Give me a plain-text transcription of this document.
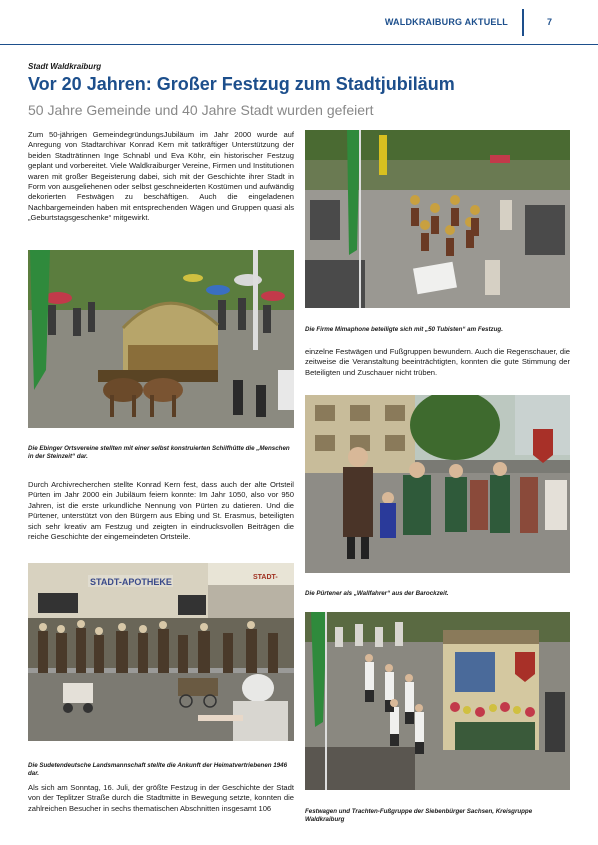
WALDKRAIBURG AKTUELL	7
Stadt Waldkraiburg
Vor 20 Jahren: Großer Festzug zum Stadtjubiläum
50 Jahre Gemeinde und 40 Jahre Stadt wurden gefeiert
Zum 50-jährigen GemeindegründungsJubiläum im Jahr 2000 wurde auf Anregung von Stadtarchivar Konrad Kern mit tatkräftiger Unterstützung der beiden Stadträtinnen Inge Schnabl und Eva Köhr, ein historischer Festzug geplant und vorbereitet. Viele Waldkraiburger Vereine, Firmen und Institutionen waren mit großer Begeisterung dabei, sich mit der Geschichte ihrer Stadt in Form von ausgeliehenen oder selbst geschneiderten Kostümen und aufwändig dekorierten Festwägen zu beschäftigen. Auch die eingeladenen Nachbargemeinden haben mit entsprechenden Wägen und Gruppen quasi als „Geburtstagsgeschenke“ mitgewirkt.
Die Ebinger Ortsvereine stellten mit einer selbst konstruierten Schilfhütte die „Menschen in der Steinzeit“ dar.
Durch Archivrecherchen stellte Konrad Kern fest, dass auch der alte Ortsteil Pürten im Jahr 2000 ein Jubiläum feiern konnte: Im Jahr 1050, also vor 950 Jahren, ist die erste urkundliche Nennung von Pürten zu datieren. Und die Pürtener, unterstützt von den Bürgern aus Ebing und St. Erasmus, beteiligten sich sehr kreativ am Festzug und zeigten in eindrucksvollen Beiträgen die reiche Geschichte der eingemeindeten Ortsteile.
STADT-APOTHEKE	STADT-
Die Sudetendeutsche Landsmannschaft stellte die Ankunft der Heimatvertriebenen 1946 dar.
Als sich am Sonntag, 16. Juli, der größte Festzug in der Geschichte der Stadt von der Teplitzer Straße durch die Stadtmitte in Bewegung setzte, konnten die zahlreichen Besucher in sechs thematischen Abschnitten insgesamt 106
Die Firme Mimaphone beteiligte sich mit „50 Tubisten“ am Festzug.
einzelne Festwägen und Fußgruppen bewundern. Auch die Regenschauer, die zeitweise die Veranstaltung beeinträchtigten, konnten die gute Stimmung der Beteiligten und Zuschauer nicht trüben.
Die Pürtener als „Wallfahrer“ aus der Barockzeit.
Festwagen und Trachten-Fußgruppe der Siebenbürger Sachsen, Kreisgruppe Waldkraiburg
